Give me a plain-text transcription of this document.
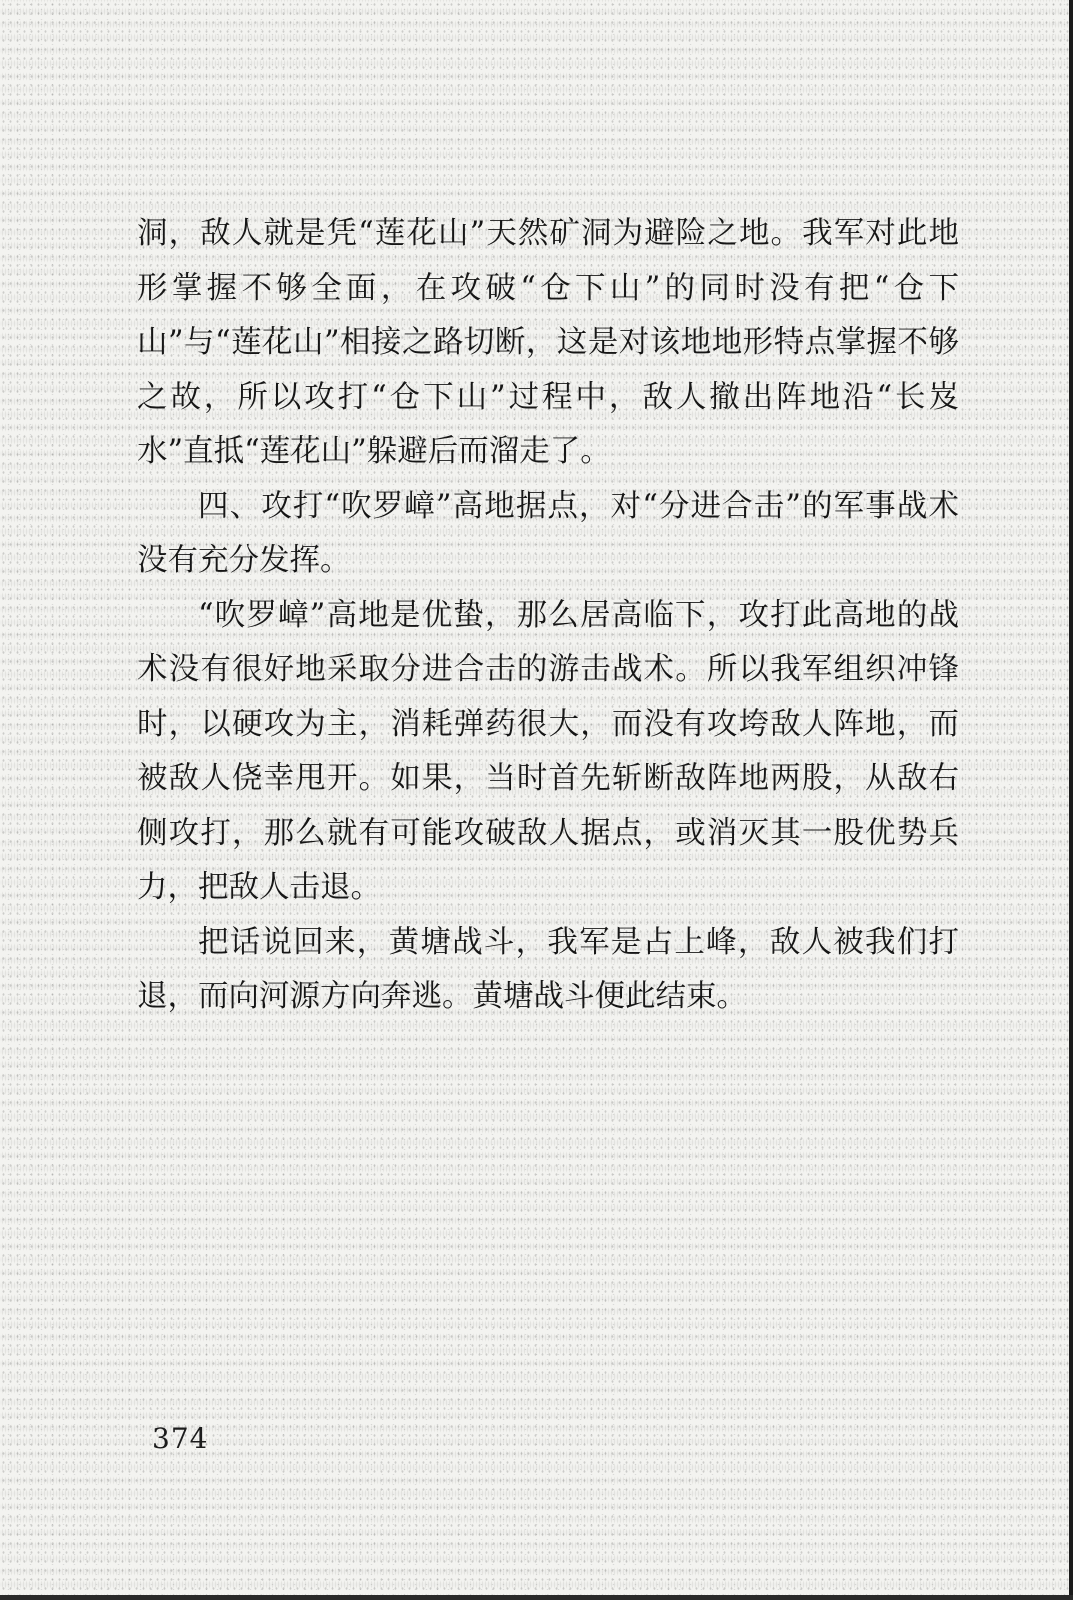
洞，敌人就是凭“莲花山”天然矿洞为避险之地。我军对此地形掌握不够全面，在攻破“仓下山”的同时没有把“仓下山”与“莲花山”相接之路切断，这是对该地地形特点掌握不够之故，所以攻打“仓下山”过程中，敌人撤出阵地沿“长岌水”直抵“莲花山”躲避后而溜走了。

四、攻打“吹罗嶂”高地据点，对“分进合击”的军事战术没有充分发挥。

“吹罗嶂”高地是优蛰，那么居高临下，攻打此高地的战术没有很好地采取分进合击的游击战术。所以我军组织冲锋时，以硬攻为主，消耗弹药很大，而没有攻垮敌人阵地，而被敌人侥幸甩开。如果，当时首先斩断敌阵地两股，从敌右侧攻打，那么就有可能攻破敌人据点，或消灭其一股优势兵力，把敌人击退。

把话说回来，黄塘战斗，我军是占上峰，敌人被我们打退，而向河源方向奔逃。黄塘战斗便此结束。

374
